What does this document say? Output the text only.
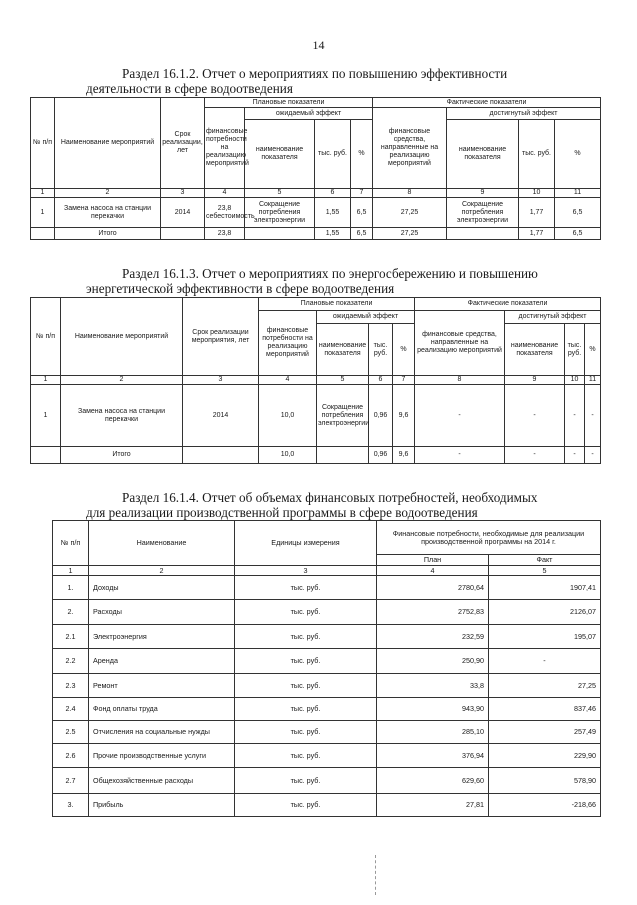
14
Раздел 16.1.2. Отчет о мероприятиях по повышению эффективности
деятельности в сфере водоотведения
№ п/п	Наименование мероприятий	Срок реализации, лет	Плановые показатели				Фактические показатели			
			финансовые потребности на реализацию мероприятий	ожидаемый эффект			финансовые средства, направленные на реализацию мероприятий	достигнутый эффект		
				наименование показателя	тыс. руб.	%		наименование показателя	тыс. руб.	%
1	2	3	4	5	6	7	8	9	10	11
1	Замена насоса на станции перекачки	2014	23,8 себестоимость	Сокращение потребления электроэнергии	1,55	6,5	27,25	Сокращение потребления электроэнергии	1,77	6,5
	Итого		23,8		1,55	6,5	27,25		1,77	6,5
Раздел 16.1.3. Отчет о мероприятиях по энергосбережению и повышению
энергетической эффективности в сфере водоотведения
№ п/п	Наименование мероприятий	Срок реализации мероприятия, лет	Плановые показатели				Фактические показатели			
			финансовые потребности на реализацию мероприятий	ожидаемый эффект			финансовые средства, направленные на реализацию мероприятий	достигнутый эффект		
				наименование показателя	тыс. руб.	%		наименование показателя	тыс. руб.	%
1	2	3	4	5	6	7	8	9	10	11
1	Замена насоса на станции перекачки	2014	10,0	Сокращение потребления электроэнергии	0,96	9,6	-	-	-	-
	Итого		10,0		0,96	9,6	-	-	-	-
Раздел 16.1.4. Отчет об объемах финансовых потребностей, необходимых
для реализации производственной программы в сфере водоотведения
№ п/п	Наименование	Единицы измерения	Финансовые потребности, необходимые для реализации производственной программы на 2014 г.	
			План	Факт
1	2	3	4	5
1.	Доходы	тыс. руб.	2780,64	1907,41
2.	Расходы	тыс. руб.	2752,83	2126,07
2.1	Электроэнергия	тыс. руб.	232,59	195,07
2.2	Аренда	тыс. руб.	250,90	-
2.3	Ремонт	тыс. руб.	33,8	27,25
2.4	Фонд оплаты труда	тыс. руб.	943,90	837,46
2.5	Отчисления на социальные нужды	тыс. руб.	285,10	257,49
2.6	Прочие производственные услуги	тыс. руб.	376,94	229,90
2.7	Общехозяйственные расходы	тыс. руб.	629,60	578,90
3.	Прибыль	тыс. руб.	27,81	-218,66
